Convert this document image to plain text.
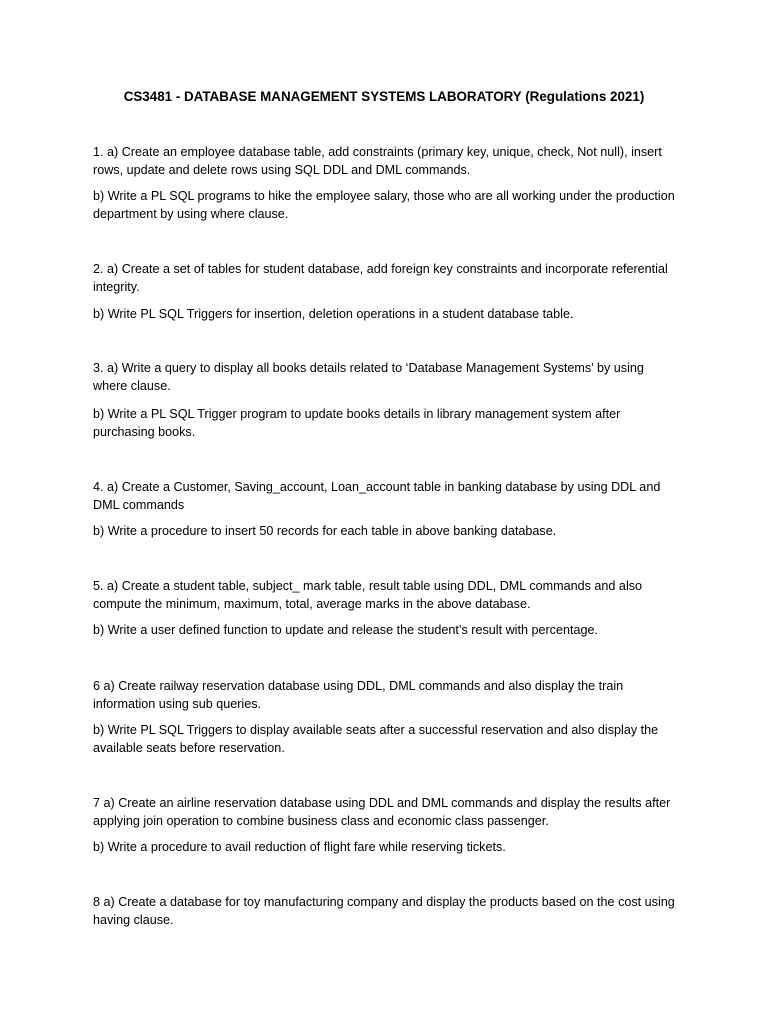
CS3481 - DATABASE MANAGEMENT SYSTEMS LABORATORY (Regulations 2021)

1. a) Create an employee database table, add constraints (primary key, unique, check, Not null), insert rows, update and delete rows using SQL DDL and DML commands.

b) Write a PL SQL programs to hike the employee salary, those who are all working under the production department by using where clause.

2. a) Create a set of tables for student database, add foreign key constraints and incorporate referential integrity.

b) Write PL SQL Triggers for insertion, deletion operations in a student database table.

3. a) Write a query to display all books details related to ‘Database Management Systems’ by using where clause.

b) Write a PL SQL Trigger program to update books details in library management system after purchasing books.

4. a) Create a Customer, Saving_account, Loan_account table in banking database by using DDL and DML commands

b) Write a procedure to insert 50 records for each table in above banking database.

5. a) Create a student table, subject_ mark table, result table using DDL, DML commands and also compute the minimum, maximum, total, average marks in the above database.

b) Write a user defined function to update and release the student’s result with percentage.

6 a) Create railway reservation database using DDL, DML commands and also display the train information using sub queries.

b) Write PL SQL Triggers to display available seats after a successful reservation and also display the available seats before reservation.

7 a) Create an airline reservation database using DDL and DML commands and display the results after applying join operation to combine business class and economic class passenger.

b) Write a procedure to avail reduction of flight fare while reserving tickets.

8 a) Create a database for toy manufacturing company and display the products based on the cost using having clause.
